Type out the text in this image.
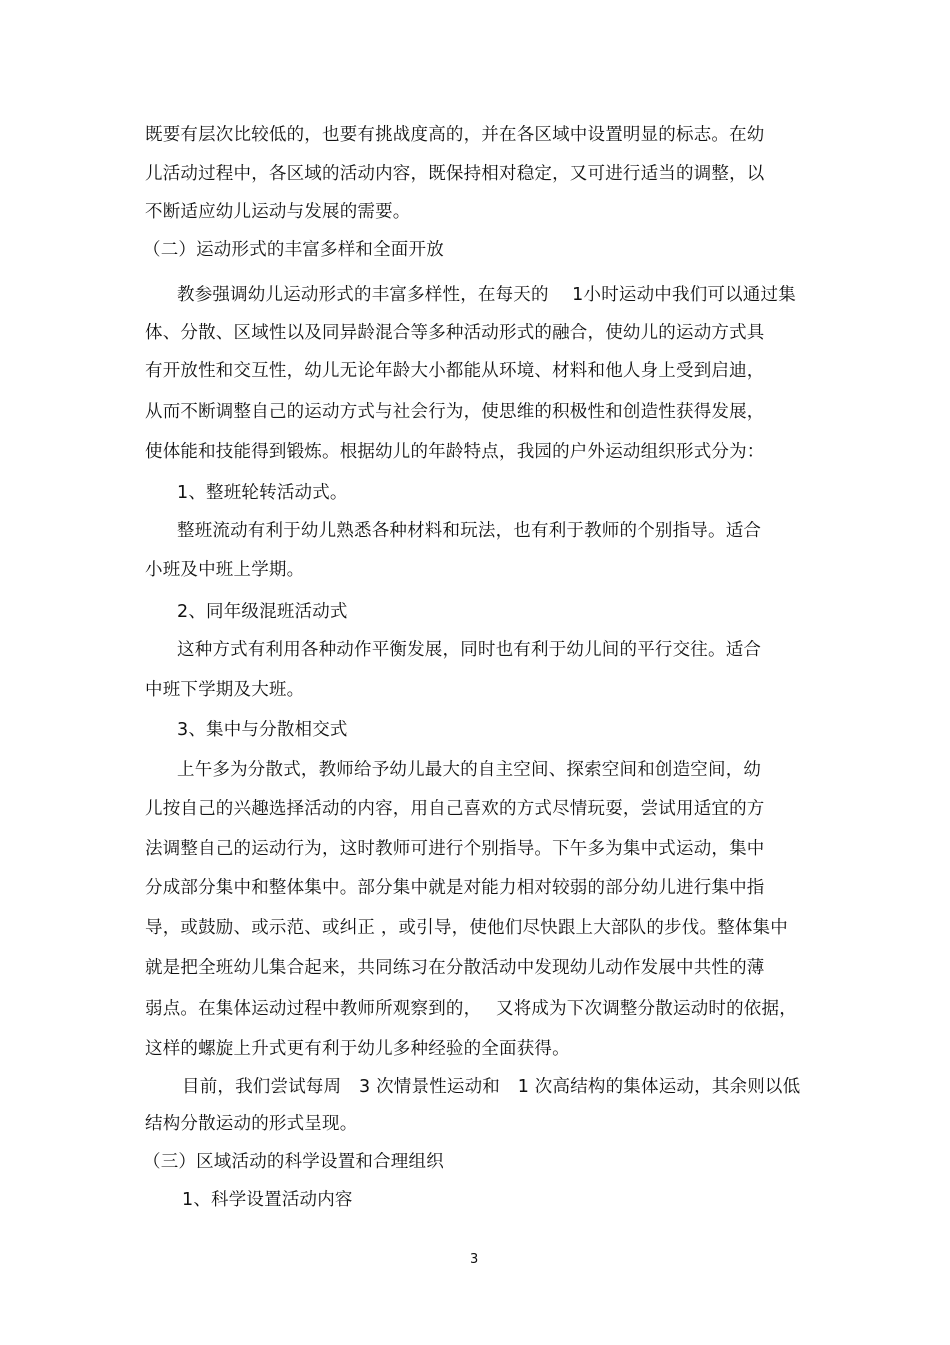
既要有层次比较低的，也要有挑战度高的，并在各区域中设置明显的标志。在幼
儿活动过程中，各区域的活动内容，既保持相对稳定，又可进行适当的调整，以
不断适应幼儿运动与发展的需要。
（二）运动形式的丰富多样和全面开放
教参强调幼儿运动形式的丰富多样性，在每天的　 1小时运动中我们可以通过集
体、分散、区域性以及同异龄混合等多种活动形式的融合，使幼儿的运动方式具
有开放性和交互性，幼儿无论年龄大小都能从环境、材料和他人身上受到启迪，
从而不断调整自己的运动方式与社会行为，使思维的积极性和创造性获得发展，
使体能和技能得到锻炼。根据幼儿的年龄特点，我园的户外运动组织形式分为：
1、整班轮转活动式。
整班流动有利于幼儿熟悉各种材料和玩法，也有利于教师的个别指导。适合
小班及中班上学期。
2、同年级混班活动式
这种方式有利用各种动作平衡发展，同时也有利于幼儿间的平行交往。适合
中班下学期及大班。
3、集中与分散相交式
上午多为分散式，教师给予幼儿最大的自主空间、探索空间和创造空间，幼
儿按自己的兴趣选择活动的内容，用自己喜欢的方式尽情玩耍，尝试用适宜的方
法调整自己的运动行为，这时教师可进行个别指导。下午多为集中式运动，集中
分成部分集中和整体集中。部分集中就是对能力相对较弱的部分幼儿进行集中指
导，或鼓励、或示范、或纠正 ，或引导，使他们尽快跟上大部队的步伐。整体集中
就是把全班幼儿集合起来，共同练习在分散活动中发现幼儿动作发展中共性的薄
弱点。在集体运动过程中教师所观察到的，　 又将成为下次调整分散运动时的依据，
这样的螺旋上升式更有利于幼儿多种经验的全面获得。
目前，我们尝试每周　3 次情景性运动和　1 次高结构的集体运动，其余则以低
结构分散运动的形式呈现。
（三）区域活动的科学设置和合理组织
1、科学设置活动内容
3
